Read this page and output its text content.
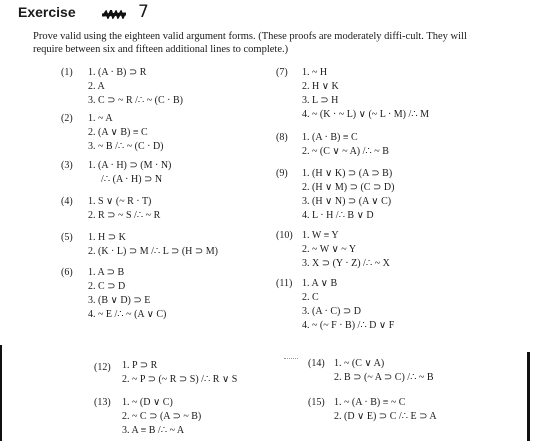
Exercise	7
Prove valid using the eighteen valid argument forms. (These proofs are moderately diffi-cult. They will require between six and fifteen additional lines to complete.)
(1) 1. (A · B) ⊃ R
2. A
3. C ⊃ ~ R /∴ ~ (C · B)
(2) 1. ~ A
2. (A ∨ B) ≡ C
3. ~ B /∴ ~ (C · D)
(3) 1. (A · H) ⊃ (M · N)
/∴ (A · H) ⊃ N
(4) 1. S ∨ (~ R · T)
2. R ⊃ ~ S /∴ ~ R
(5) 1. H ⊃ K
2. (K · L) ⊃ M /∴ L ⊃ (H ⊃ M)
(6) 1. A ⊃ B
2. C ⊃ D
3. (B ∨ D) ⊃ E
4. ~ E /∴ ~ (A ∨ C)
(7) 1. ~ H
2. H ∨ K
3. L ⊃ H
4. ~ (K · ~ L) ∨ (~ L · M) /∴ M
(8) 1. (A · B) ≡ C
2. ~ (C ∨ ~ A) /∴ ~ B
(9) 1. (H ∨ K) ⊃ (A ⊃ B)
2. (H ∨ M) ⊃ (C ⊃ D)
3. (H ∨ N) ⊃ (A ∨ C)
4. L · H /∴ B ∨ D
(10) 1. W ≡ Y
2. ~ W ∨ ~ Y
3. X ⊃ (Y · Z) /∴ ~ X
(11) 1. A ∨ B
2. C
3. (A · C) ⊃ D
4. ~ (~ F · B) /∴ D ∨ F
(12) 1. P ⊃ R
2. ~ P ⊃ (~ R ⊃ S) /∴ R ∨ S
(13) 1. ~ (D ∨ C)
2. ~ C ⊃ (A ⊃ ~ B)
3. A ≡ B /∴ ~ A
(14) 1. ~ (C ∨ A)
2. B ⊃ (~ A ⊃ C) /∴ ~ B
(15) 1. ~ (A · B) ≡ ~ C
2. (D ∨ E) ⊃ C /∴ E ⊃ A
